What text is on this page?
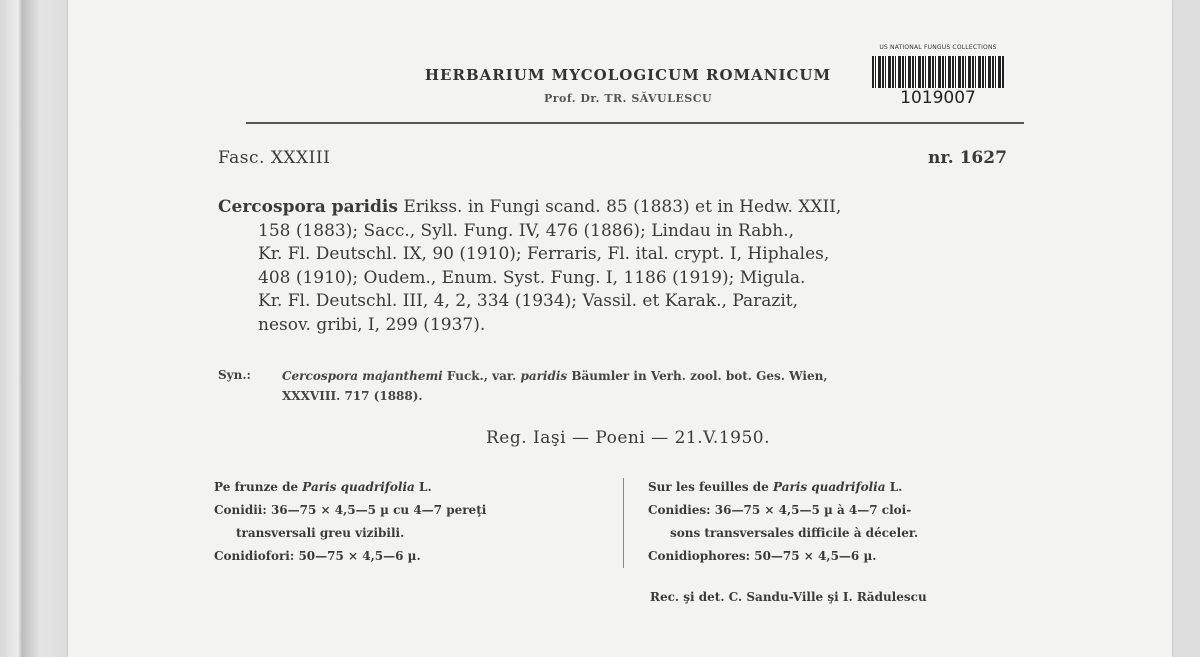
HERBARIUM MYCOLOGICUM ROMANICUM
Prof. Dr. TR. SĂVULESCU
US NATIONAL FUNGUS COLLECTIONS
1019007
Fasc. XXXIII	nr. 1627
Cercospora paridis Erikss. in Fungi scand. 85 (1883) et in Hedw. XXII,
158 (1883); Sacc., Syll. Fung. IV, 476 (1886); Lindau in Rabh.,
Kr. Fl. Deutschl. IX, 90 (1910); Ferraris, Fl. ital. crypt. I, Hiphales,
408 (1910); Oudem., Enum. Syst. Fung. I, 1186 (1919); Migula.
Kr. Fl. Deutschl. III, 4, 2, 334 (1934); Vassil. et Karak., Parazit,
nesov. gribi, I, 299 (1937).
Syn.:	Cercospora majanthemi Fuck., var. paridis Bäumler in Verh. zool. bot. Ges. Wien,
XXXVIII. 717 (1888).
Reg. Iaşi — Poeni — 21.V.1950.
Pe frunze de Paris quadrifolia L.
Conidii: 36—75 × 4,5—5 µ cu 4—7 pereţi
transversali greu vizibili.
Conidiofori: 50—75 × 4,5—6 µ.
Sur les feuilles de Paris quadrifolia L.
Conidies: 36—75 × 4,5—5 µ à 4—7 cloi-
sons transversales difficile à déceler.
Conidiophores: 50—75 × 4,5—6 µ.
Rec. şi det. C. Sandu-Ville şi I. Rădulescu
